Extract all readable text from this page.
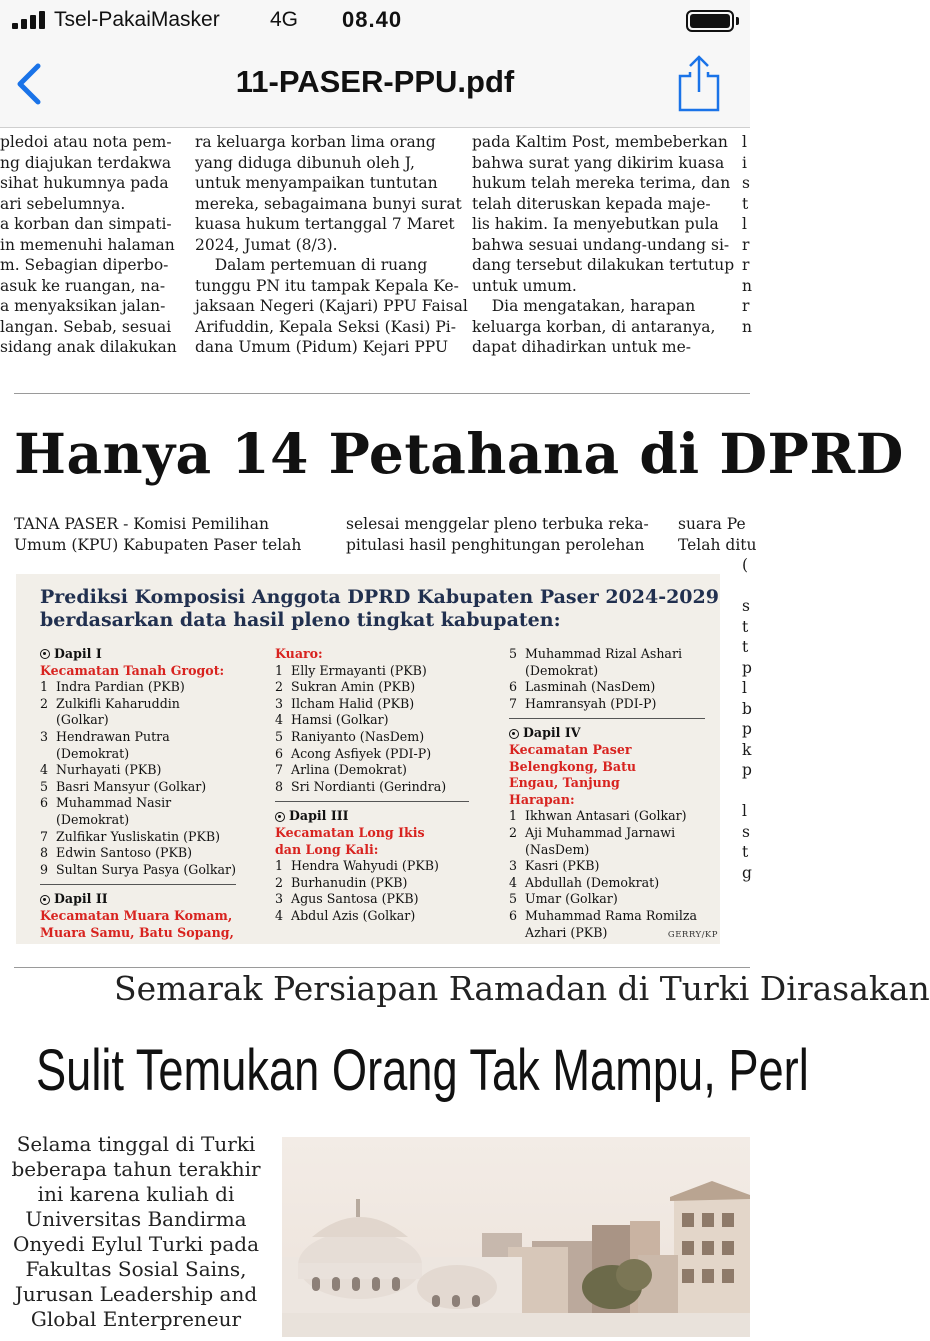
Tsel-PakaiMasker 4G 08.40
11-PASER-PPU.pdf

pledoi atau nota pem-

ng diajukan terdakwa

sihat hukumnya pada

ari sebelumnya.

a korban dan simpati-

in memenuhi halaman

m. Sebagian diperbo-

asuk ke ruangan, na-

a menyaksikan jalan-

langan. Sebab, sesuai

sidang anak dilakukan

ra keluarga korban lima orang

yang diduga dibunuh oleh J,

untuk menyampaikan tuntutan

mereka, sebagaimana bunyi surat

kuasa hukum tertanggal 7 Maret

2024, Jumat (8/3).

Dalam pertemuan di ruang

tunggu PN itu tampak Kepala Ke-

jaksaan Negeri (Kajari) PPU Faisal

Arifuddin, Kepala Seksi (Kasi) Pi-

dana Umum (Pidum) Kejari PPU

pada Kaltim Post, membeberkan

bahwa surat yang dikirim kuasa

hukum telah mereka terima, dan

telah diteruskan kepada maje-

lis hakim. Ia menyebutkan pula

bahwa sesuai undang-undang si-

dang tersebut dilakukan tertutup

untuk umum.

Dia mengatakan, harapan

keluarga korban, di antaranya,

dapat dihadirkan untuk me-

l

i

s

t

l

r

r

n

r

n

Hanya 14 Petahana di DPRD

TANA PASER - Komisi Pemilihan

Umum (KPU) Kabupaten Paser telah

selesai menggelar pleno terbuka reka-

pitulasi hasil penghitungan perolehan

suara Pe

Telah ditu

(

s

t

t

p

l

b

p

k

p

l

s

t

g

Prediksi Komposisi Anggota DPRD Kabupaten Paser 2024-2029
berdasarkan data hasil pleno tingkat kabupaten:
Dapil I
Kecamatan Tanah Grogot:
1 Indra Pardian (PKB)
2 Zulkifli Kaharuddin (Golkar)
3 Hendrawan Putra (Demokrat)
4 Nurhayati (PKB)
5 Basri Mansyur (Golkar)
6 Muhammad Nasir (Demokrat)
7 Zulfikar Yusliskatin (PKB)
8 Edwin Santoso (PKB)
9 Sultan Surya Pasya (Golkar)
Dapil II
Kecamatan Muara Komam, Muara Samu, Batu Sopang,
Kuaro:
1 Elly Ermayanti (PKB)
2 Sukran Amin (PKB)
3 Ilcham Halid (PKB)
4 Hamsi (Golkar)
5 Raniyanto (NasDem)
6 Acong Asfiyek (PDI-P)
7 Arlina (Demokrat)
8 Sri Nordianti (Gerindra)
Dapil III
Kecamatan Long Ikis dan Long Kali:
1 Hendra Wahyudi (PKB)
2 Burhanudin (PKB)
3 Agus Santosa (PKB)
4 Abdul Azis (Golkar)
5 Muhammad Rizal Ashari (Demokrat)
6 Lasminah (NasDem)
7 Hamransyah (PDI-P)
Dapil IV
Kecamatan Paser Belengkong, Batu Engau, Tanjung Harapan:
1 Ikhwan Antasari (Golkar)
2 Aji Muhammad Jarnawi (NasDem)
3 Kasri (PKB)
4 Abdullah (Demokrat)
5 Umar (Golkar)
6 Muhammad Rama Romilza Azhari (PKB)	GERRY/KP
Semarak Persiapan Ramadan di Turki Dirasakan
Sulit Temukan Orang Tak Mampu, Perl
Selama tinggal di Turki beberapa tahun terakhir ini karena kuliah di Universitas Bandirma Onyedi Eylul Turki pada Fakultas Sosial Sains, Jurusan Leadership and Global Enterpreneur
